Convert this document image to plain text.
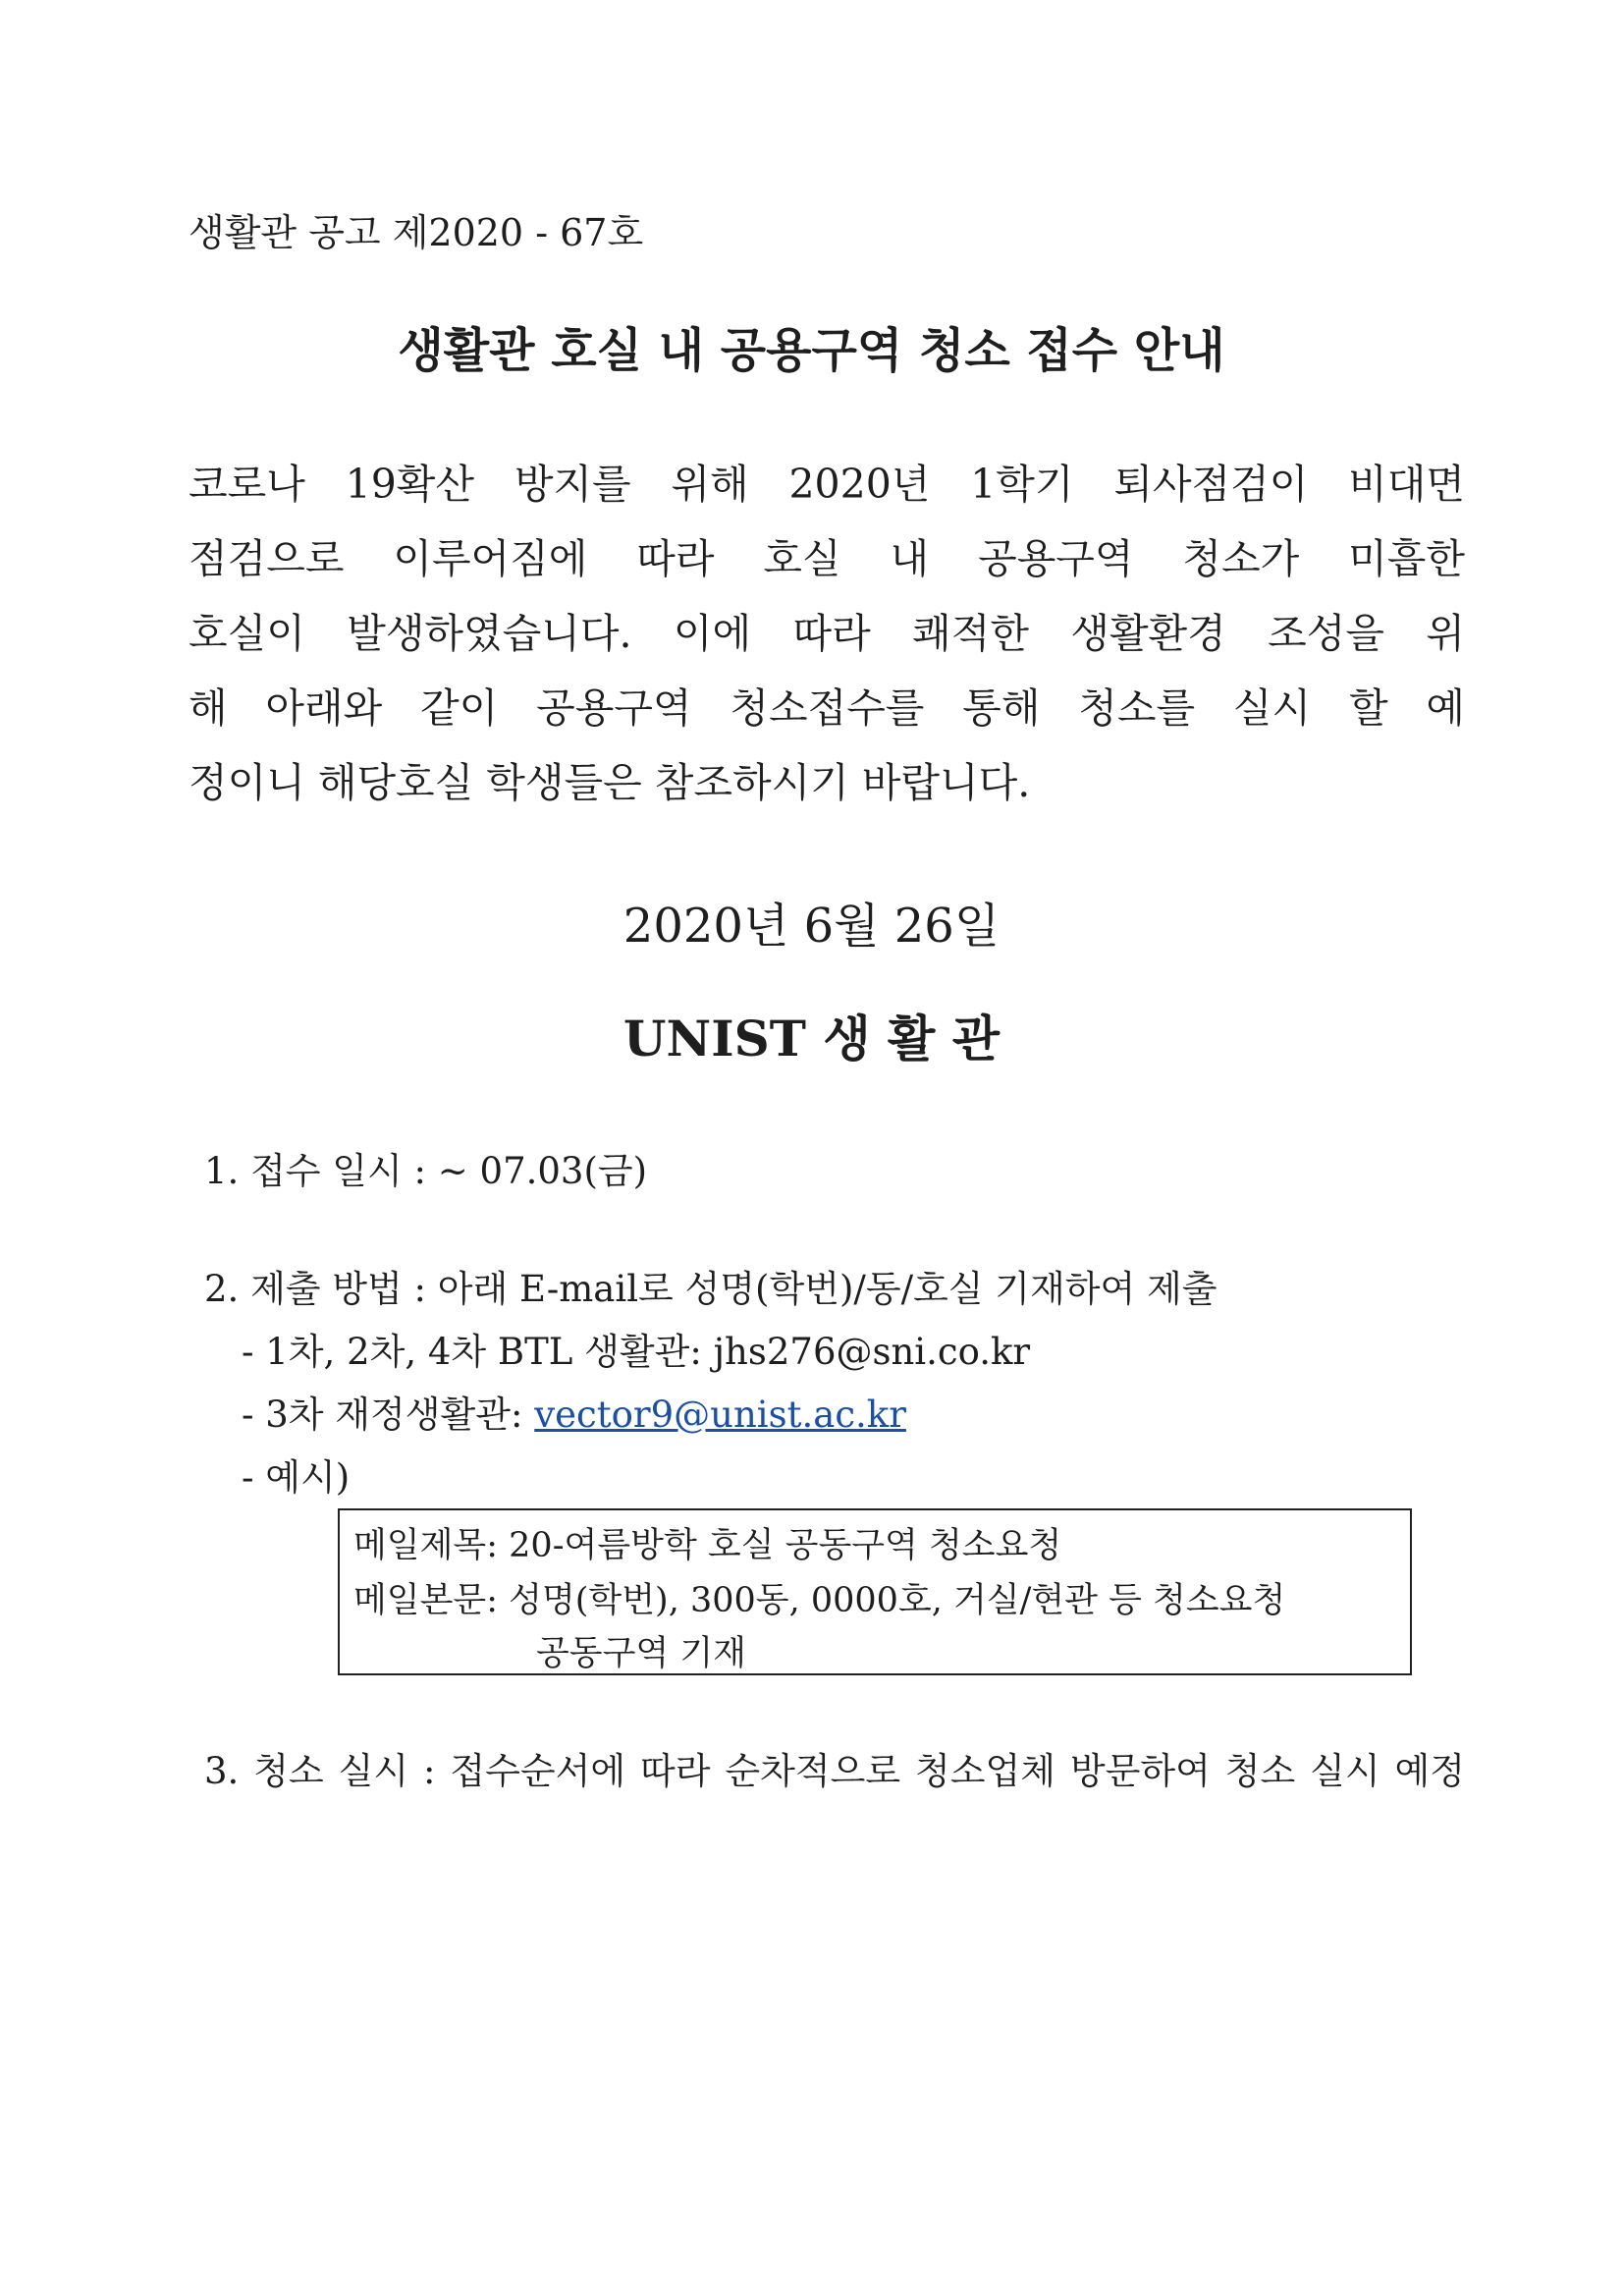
생활관 공고 제2020 - 67호
생활관 호실 내 공용구역 청소 접수 안내
코로나 19확산 방지를 위해 2020년 1학기 퇴사점검이 비대면
점검으로 이루어짐에 따라 호실 내 공용구역 청소가 미흡한
호실이 발생하였습니다. 이에 따라 쾌적한 생활환경 조성을 위
해 아래와 같이 공용구역 청소접수를 통해 청소를 실시 할 예
정이니 해당호실 학생들은 참조하시기 바랍니다.
2020년 6월 26일
UNIST 생 활 관
1. 접수 일시 : ~ 07.03(금)
2. 제출 방법 : 아래 E-mail로 성명(학번)/동/호실 기재하여 제출
- 1차, 2차, 4차 BTL 생활관: jhs276@sni.co.kr
- 3차 재정생활관: vector9@unist.ac.kr
- 예시)
메일제목: 20-여름방학 호실 공동구역 청소요청
메일본문: 성명(학번), 300동, 0000호, 거실/현관 등 청소요청
공동구역 기재
3. 청소 실시 : 접수순서에 따라 순차적으로 청소업체 방문하여 청소 실시 예정
